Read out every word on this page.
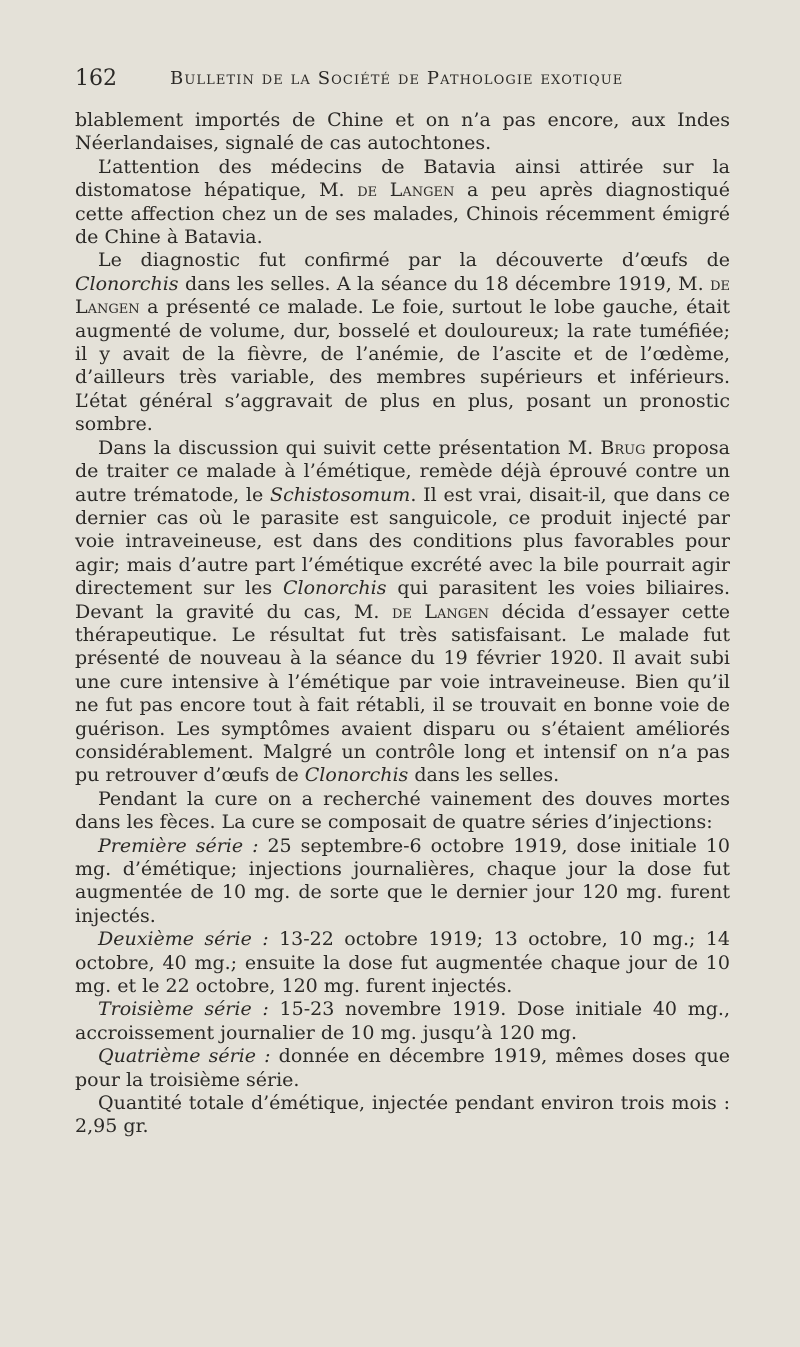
162	Bulletin de la Société de Pathologie exotique

blablement importés de Chine et on n’a pas encore, aux Indes Néerlandaises, signalé de cas autochtones.

L’attention des médecins de Batavia ainsi attirée sur la distomatose hépatique, M. de Langen a peu après diagnostiqué cette affection chez un de ses malades, Chinois récemment émigré de Chine à Batavia.

Le diagnostic fut confirmé par la découverte d’œufs de Clonorchis dans les selles. A la séance du 18 décembre 1919, M. de Langen a présenté ce malade. Le foie, surtout le lobe gauche, était augmenté de volume, dur, bosselé et douloureux; la rate tuméfiée; il y avait de la fièvre, de l’anémie, de l’ascite et de l’œdème, d’ailleurs très variable, des membres supérieurs et inférieurs. L’état général s’aggravait de plus en plus, posant un pronostic sombre.

Dans la discussion qui suivit cette présentation M. Brug proposa de traiter ce malade à l’émétique, remède déjà éprouvé contre un autre trématode, le Schistosomum. Il est vrai, disait-il, que dans ce dernier cas où le parasite est sanguicole, ce produit injecté par voie intraveineuse, est dans des conditions plus favorables pour agir; mais d’autre part l’émétique excrété avec la bile pourrait agir directement sur les Clonorchis qui parasitent les voies biliaires. Devant la gravité du cas, M. de Langen décida d’essayer cette thérapeutique. Le résultat fut très satisfaisant. Le malade fut présenté de nouveau à la séance du 19 février 1920. Il avait subi une cure intensive à l’émétique par voie intraveineuse. Bien qu’il ne fut pas encore tout à fait rétabli, il se trouvait en bonne voie de guérison. Les symptômes avaient disparu ou s’étaient améliorés considérablement. Malgré un contrôle long et intensif on n’a pas pu retrouver d’œufs de Clonorchis dans les selles.

Pendant la cure on a recherché vainement des douves mortes dans les fèces. La cure se composait de quatre séries d’injections:

Première série : 25 septembre-6 octobre 1919, dose initiale 10 mg. d’émétique; injections journalières, chaque jour la dose fut augmentée de 10 mg. de sorte que le dernier jour 120 mg. furent injectés.

Deuxième série : 13-22 octobre 1919; 13 octobre, 10 mg.; 14 octobre, 40 mg.; ensuite la dose fut augmentée chaque jour de 10 mg. et le 22 octobre, 120 mg. furent injectés.

Troisième série : 15-23 novembre 1919. Dose initiale 40 mg., accroissement journalier de 10 mg. jusqu’à 120 mg.

Quatrième série : donnée en décembre 1919, mêmes doses que pour la troisième série.

Quantité totale d’émétique, injectée pendant environ trois mois : 2,95 gr.
